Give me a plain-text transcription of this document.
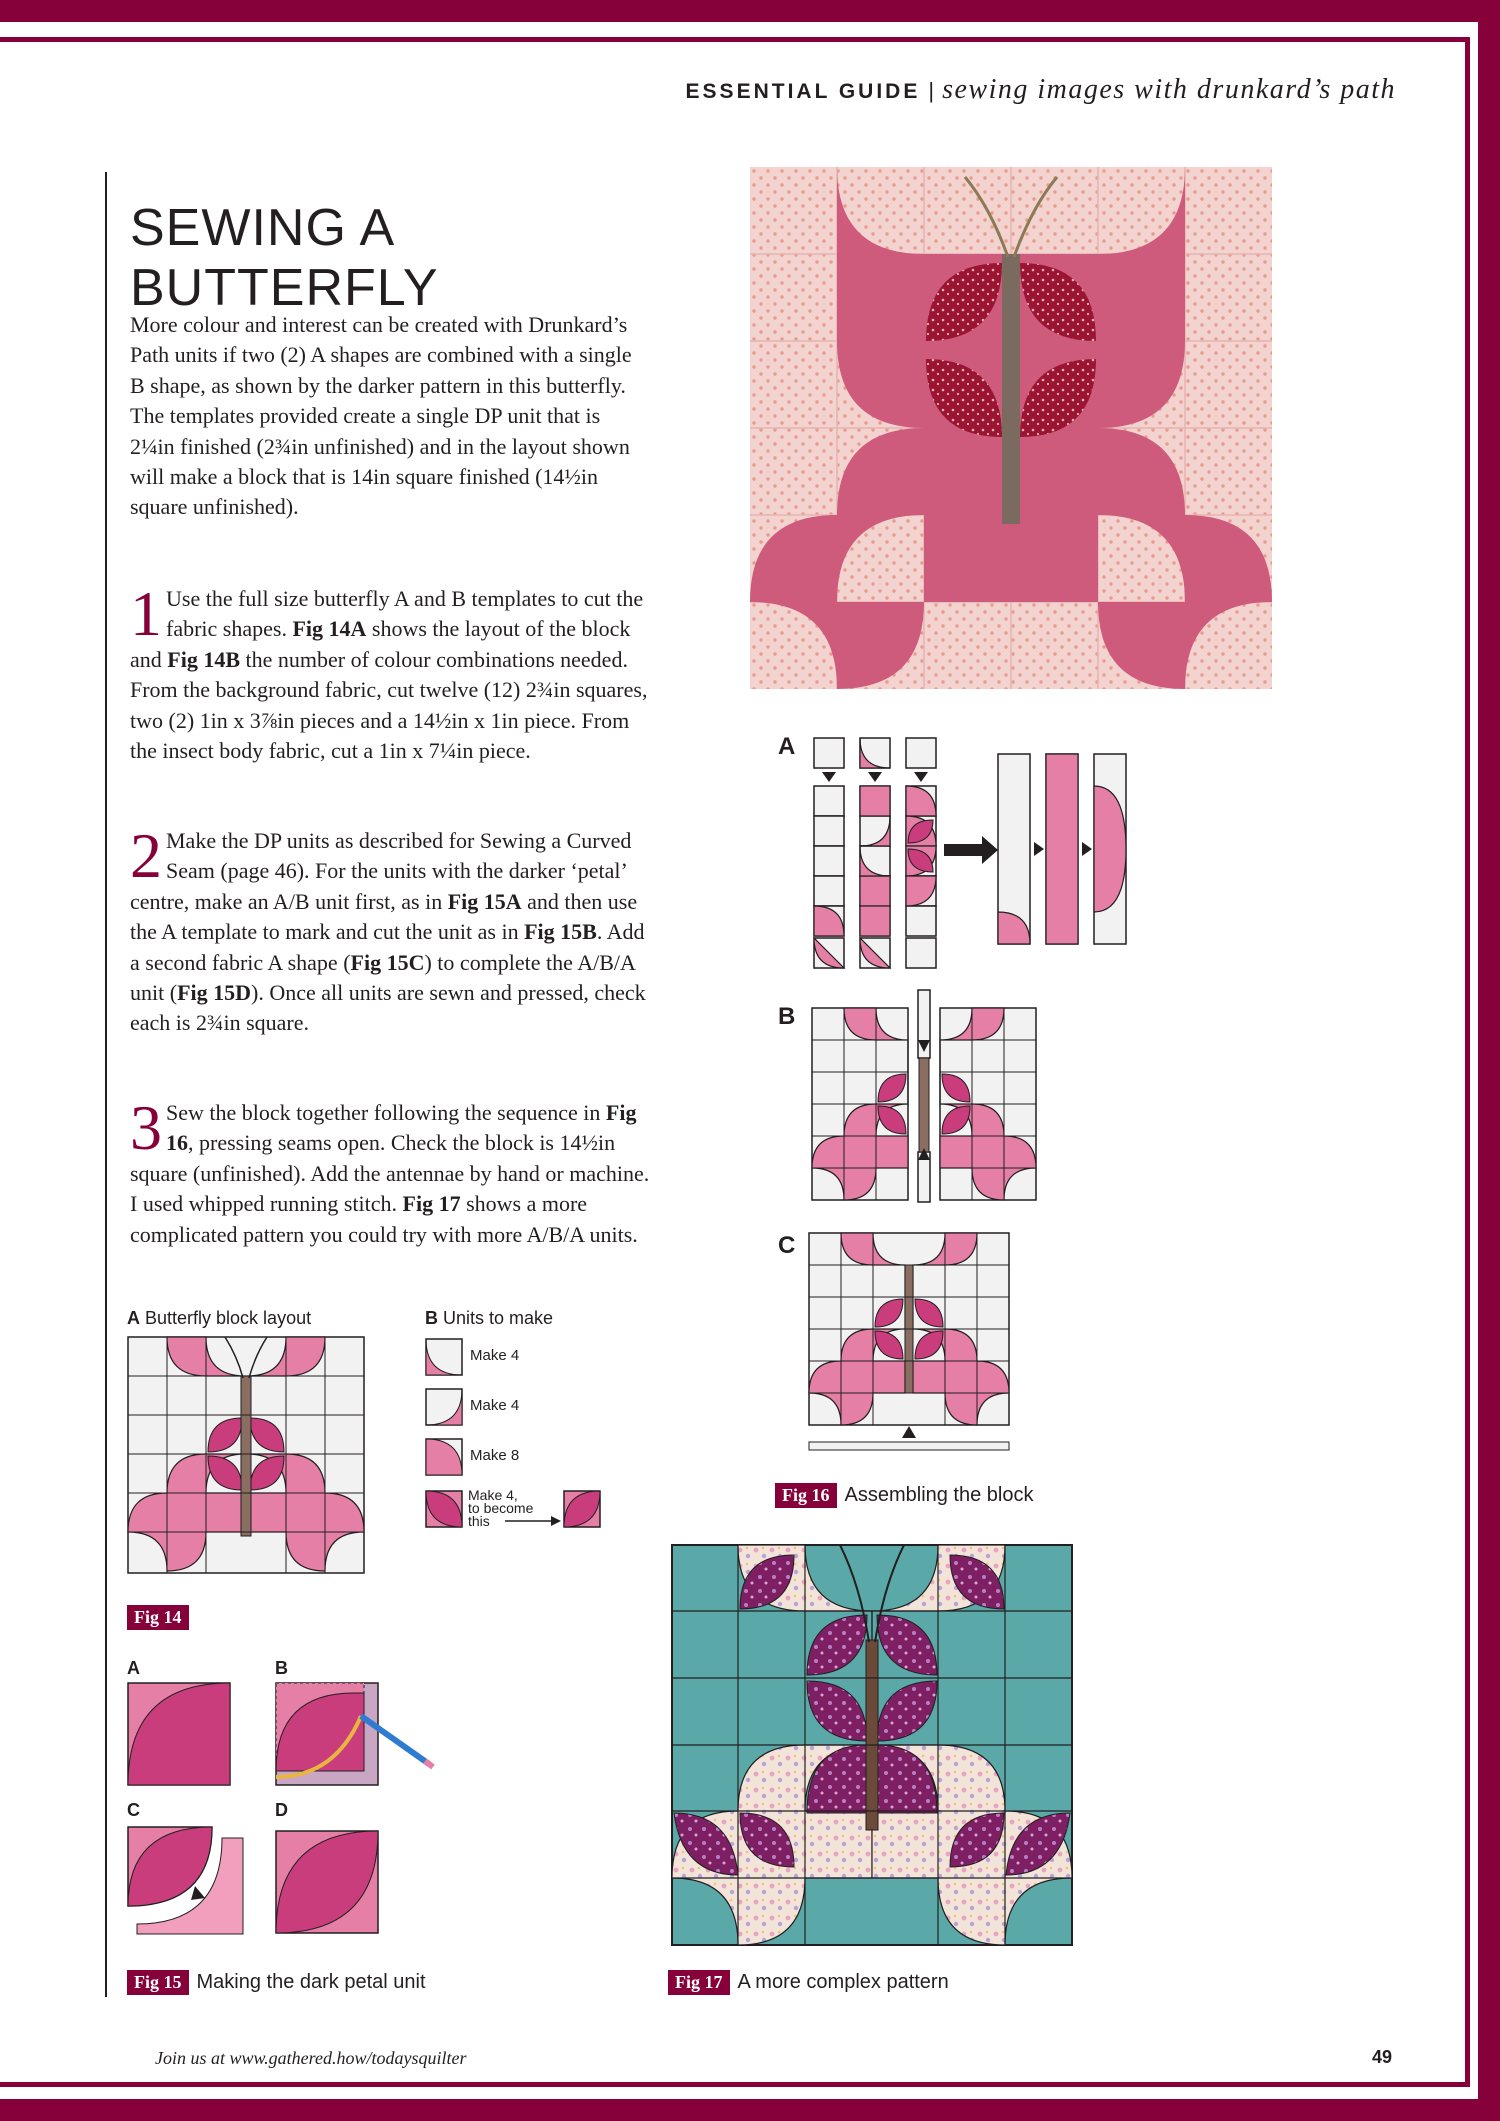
ESSENTIAL GUIDE | sewing images with drunkard’s path
SEWING A
BUTTERFLY

More colour and interest can be created with Drunkard’s Path units if two (2) A shapes are combined with a single B shape, as shown by the darker pattern in this butterfly. The templates provided create a single DP unit that is 2¼in finished (2¾in unfinished) and in the layout shown will make a block that is 14in square finished (14½in square unfinished).

1 Use the full size butterfly A and B templates to cut the fabric shapes. Fig 14A shows the layout of the block and Fig 14B the number of colour combinations needed. From the background fabric, cut twelve (12) 2¾in squares, two (2) 1in x 3⅞in pieces and a 14½in x 1in piece. From the insect body fabric, cut a 1in x 7¼in piece.
2 Make the DP units as described for Sewing a Curved Seam (page 46). For the units with the darker ‘petal’ centre, make an A/B unit first, as in Fig 15A and then use the A template to mark and cut the unit as in Fig 15B. Add a second fabric A shape (Fig 15C) to complete the A/B/A unit (Fig 15D). Once all units are sewn and pressed, check each is 2¾in square.
3 Sew the block together following the sequence in Fig 16, pressing seams open. Check the block is 14½in square (unfinished). Add the antennae by hand or machine. I used whipped running stitch. Fig 17 shows a more complicated pattern you could try with more A/B/A units.
A
B
C
Fig 16 Assembling the block
A Butterfly block layout	B Units to make
Make 4
Make 4
Make 8
Make 4,
to become
this
Fig 14
A	B
C	D
Fig 15 Making the dark petal unit	Fig 17 A more complex pattern
Join us at www.gathered.how/todaysquilter	49
